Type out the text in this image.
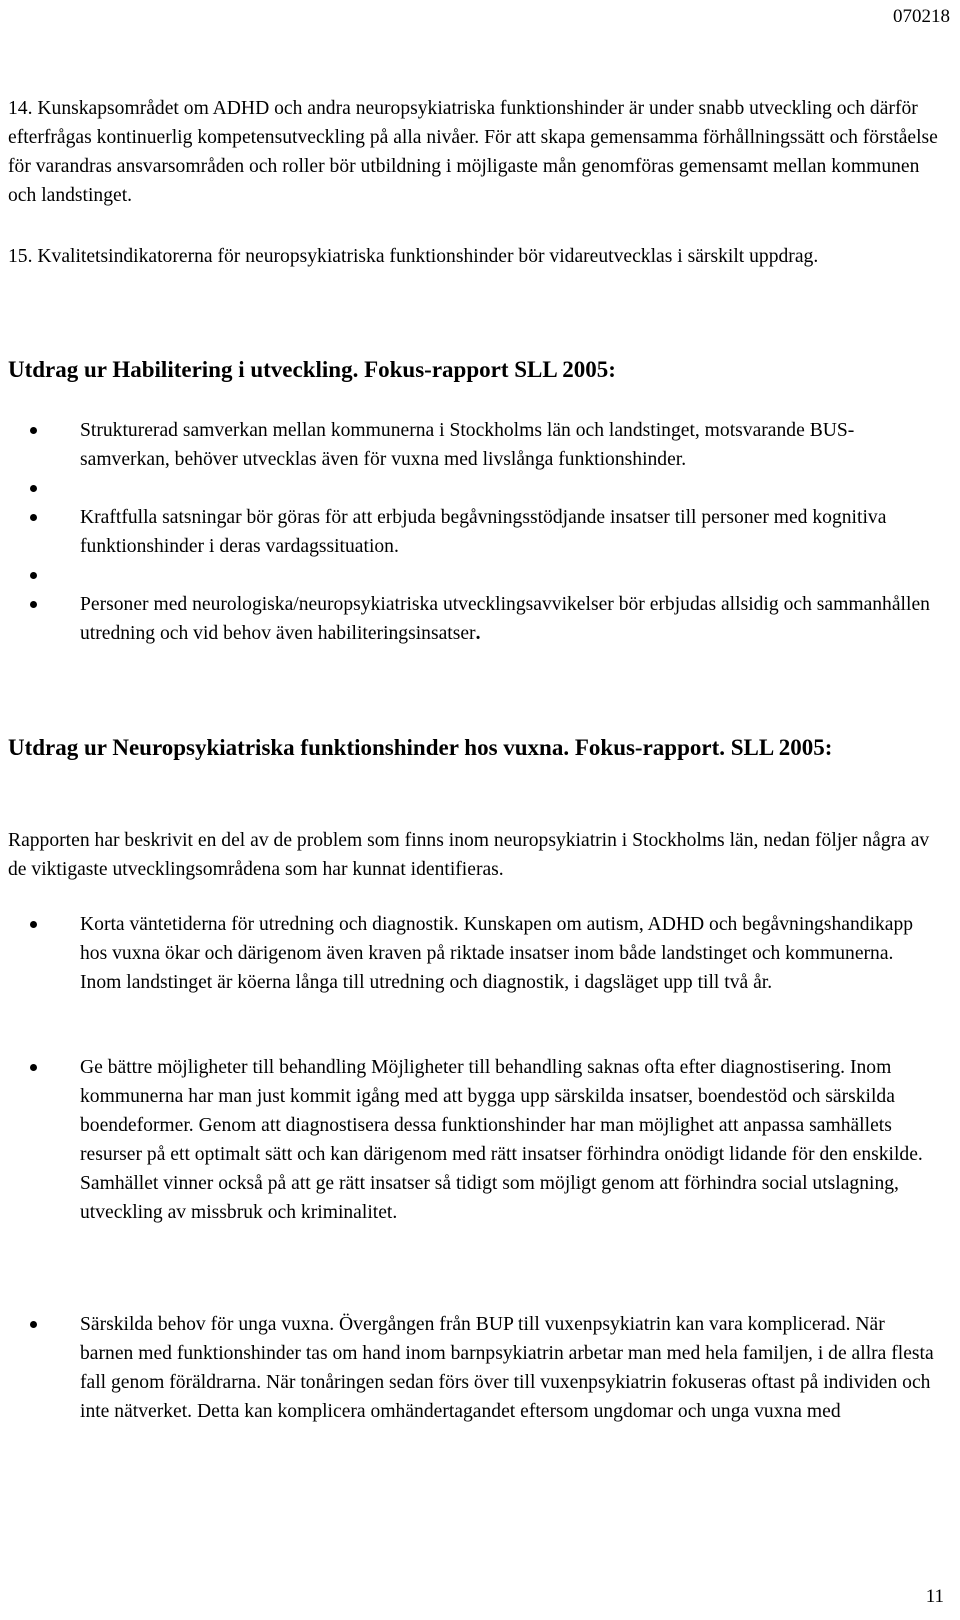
070218

14. Kunskapsområdet om ADHD och andra neuropsykiatriska funktionshinder är under snabb utveckling och därför efterfrågas kontinuerlig kompetensutveckling på alla nivåer. För att skapa gemensamma förhållningssätt och förståelse för varandras ansvarsområden och roller bör utbildning i möjligaste mån genomföras gemensamt mellan kommunen och landstinget.

15. Kvalitetsindikatorerna för neuropsykiatriska funktionshinder bör vidareutvecklas i särskilt uppdrag.

Utdrag ur Habilitering i utveckling. Fokus-rapport SLL 2005:
Strukturerad samverkan mellan kommunerna i Stockholms län och landstinget, motsvarande BUS-samverkan, behöver utvecklas även för vuxna med livslånga funktionshinder.
Kraftfulla satsningar bör göras för att erbjuda begåvningsstödjande insatser till personer med kognitiva funktionshinder i deras vardagssituation.
Personer med neurologiska/neuropsykiatriska utvecklingsavvikelser bör erbjudas allsidig och sammanhållen utredning och vid behov även habiliteringsinsatser.
Utdrag ur Neuropsykiatriska funktionshinder hos vuxna. Fokus-rapport. SLL 2005:

Rapporten har beskrivit en del av de problem som finns inom neuropsykiatrin i Stockholms län, nedan följer några av de viktigaste utvecklingsområdena som har kunnat identifieras.

Korta väntetiderna för utredning och diagnostik. Kunskapen om autism, ADHD och begåvningshandikapp hos vuxna ökar och därigenom även kraven på riktade insatser inom både landstinget och kommunerna. Inom landstinget är köerna långa till utredning och diagnostik, i dagsläget upp till två år.
Ge bättre möjligheter till behandling Möjligheter till behandling saknas ofta efter diagnostisering. Inom kommunerna har man just kommit igång med att bygga upp särskilda insatser, boendestöd och särskilda boendeformer. Genom att diagnostisera dessa funktionshinder har man möjlighet att anpassa samhällets resurser på ett optimalt sätt och kan därigenom med rätt insatser förhindra onödigt lidande för den enskilde. Samhället vinner också på att ge rätt insatser så tidigt som möjligt genom att förhindra social utslagning, utveckling av missbruk och kriminalitet.
Särskilda behov för unga vuxna. Övergången från BUP till vuxenpsykiatrin kan vara komplicerad. När barnen med funktionshinder tas om hand inom barnpsykiatrin arbetar man med hela familjen, i de allra flesta fall genom föräldrarna. När tonåringen sedan förs över till vuxenpsykiatrin fokuseras oftast på individen och inte nätverket. Detta kan komplicera omhändertagandet eftersom ungdomar och unga vuxna med
11
